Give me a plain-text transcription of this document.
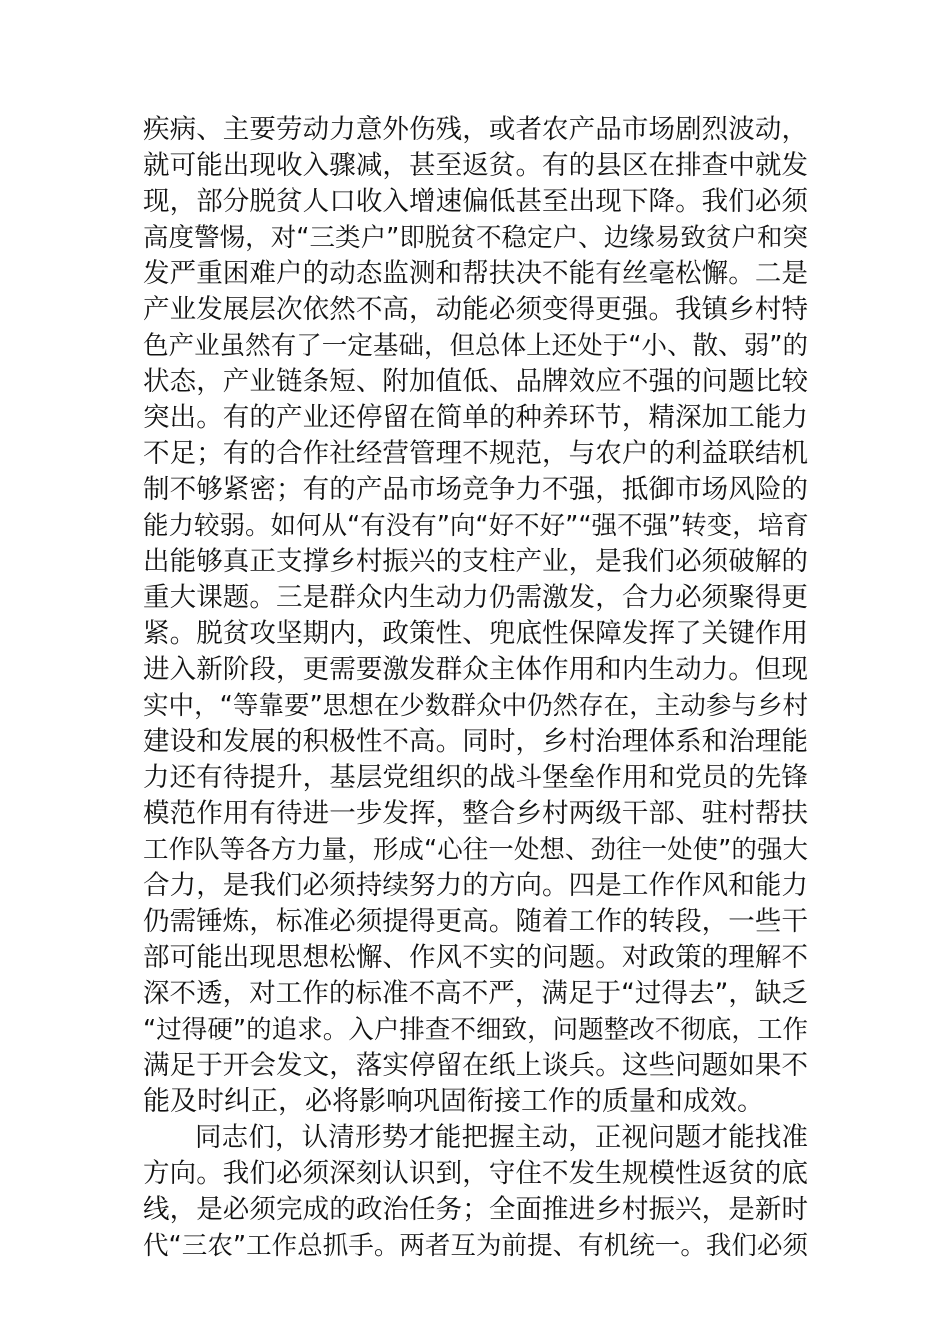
疾病、主要劳动力意外伤残，或者农产品市场剧烈波动，
就可能出现收入骤减，甚至返贫。有的县区在排查中就发
现，部分脱贫人口收入增速偏低甚至出现下降。我们必须
高度警惕，对“三类户”即脱贫不稳定户、边缘易致贫户和突
发严重困难户的动态监测和帮扶决不能有丝毫松懈。二是
产业发展层次依然不高，动能必须变得更强。我镇乡村特
色产业虽然有了一定基础，但总体上还处于“小、散、弱”的
状态，产业链条短、附加值低、品牌效应不强的问题比较
突出。有的产业还停留在简单的种养环节，精深加工能力
不足；有的合作社经营管理不规范，与农户的利益联结机
制不够紧密；有的产品市场竞争力不强，抵御市场风险的
能力较弱。如何从“有没有”向“好不好”“强不强”转变，培育
出能够真正支撑乡村振兴的支柱产业，是我们必须破解的
重大课题。三是群众内生动力仍需激发，合力必须聚得更
紧。脱贫攻坚期内，政策性、兜底性保障发挥了关键作用
进入新阶段，更需要激发群众主体作用和内生动力。但现
实中，“等靠要”思想在少数群众中仍然存在，主动参与乡村
建设和发展的积极性不高。同时，乡村治理体系和治理能
力还有待提升，基层党组织的战斗堡垒作用和党员的先锋
模范作用有待进一步发挥，整合乡村两级干部、驻村帮扶
工作队等各方力量，形成“心往一处想、劲往一处使”的强大
合力，是我们必须持续努力的方向。四是工作作风和能力
仍需锤炼，标准必须提得更高。随着工作的转段，一些干
部可能出现思想松懈、作风不实的问题。对政策的理解不
深不透，对工作的标准不高不严，满足于“过得去”，缺乏
“过得硬”的追求。入户排查不细致，问题整改不彻底，工作
满足于开会发文，落实停留在纸上谈兵。这些问题如果不
能及时纠正，必将影响巩固衔接工作的质量和成效。
同志们，认清形势才能把握主动，正视问题才能找准
方向。我们必须深刻认识到，守住不发生规模性返贫的底
线，是必须完成的政治任务；全面推进乡村振兴，是新时
代“三农”工作总抓手。两者互为前提、有机统一。我们必须
